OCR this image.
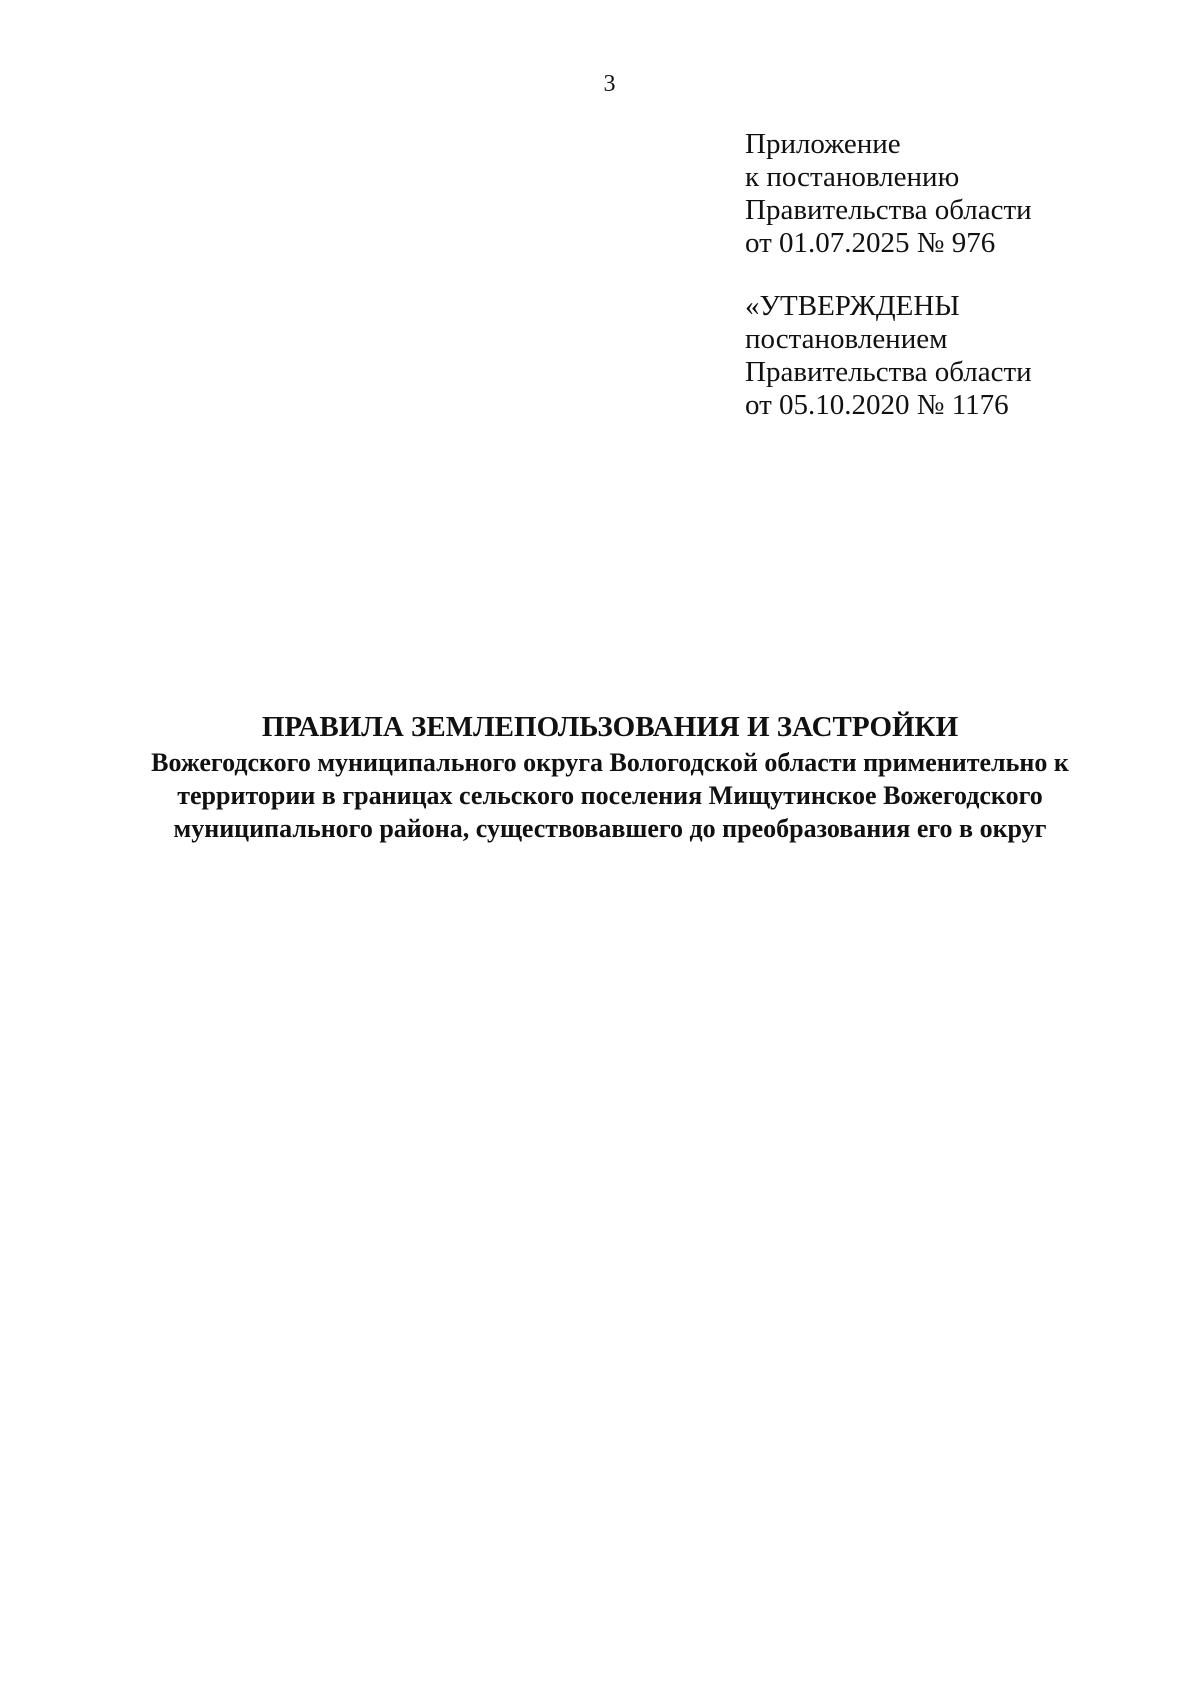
3
Приложение
к постановлению
Правительства области
от 01.07.2025 № 976
«УТВЕРЖДЕНЫ
постановлением
Правительства области
от 05.10.2020 № 1176
ПРАВИЛА ЗЕМЛЕПОЛЬЗОВАНИЯ И ЗАСТРОЙКИ
Вожегодского муниципального округа Вологодской области применительно к
территории в границах сельского поселения Мищутинское Вожегодского
муниципального района, существовавшего до преобразования его в округ
